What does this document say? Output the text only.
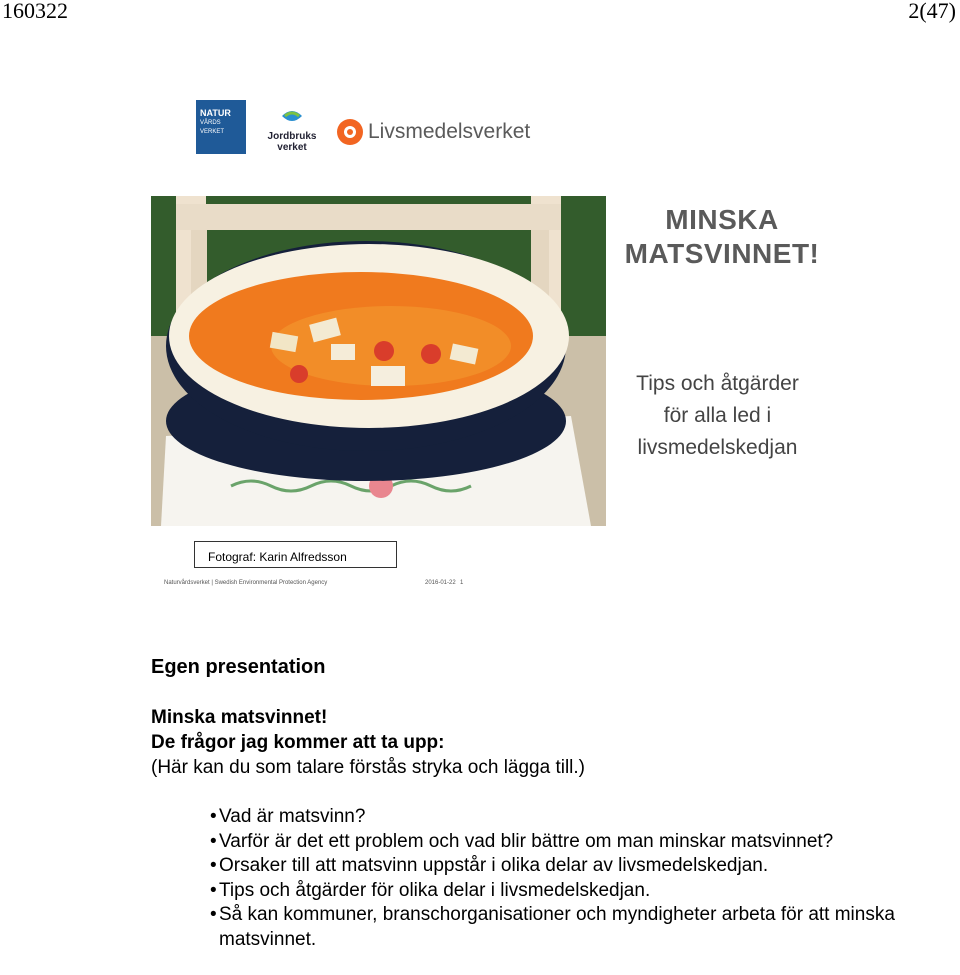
160322	2(47)
NATUR
VÅRDS
VERKET	Jordbruks
verket
Livsmedelsverket
MINSKA
MATSVINNET!
Tips och åtgärder
för alla led i
livsmedelskedjan
Fotograf: Karin Alfredsson
Naturvårdsverket | Swedish Environmental Protection Agency	2016-01-22 1
Egen presentation
Minska matsvinnet!
De frågor jag kommer att ta upp:
(Här kan du som talare förstås stryka och lägga till.)
• Vad är matsvinn?
• Varför är det ett problem och vad blir bättre om man minskar matsvinnet?
• Orsaker till att matsvinn uppstår i olika delar av livsmedelskedjan.
• Tips och åtgärder för olika delar i livsmedelskedjan.
• Så kan kommuner, branschorganisationer och myndigheter arbeta för att minska matsvinnet.
